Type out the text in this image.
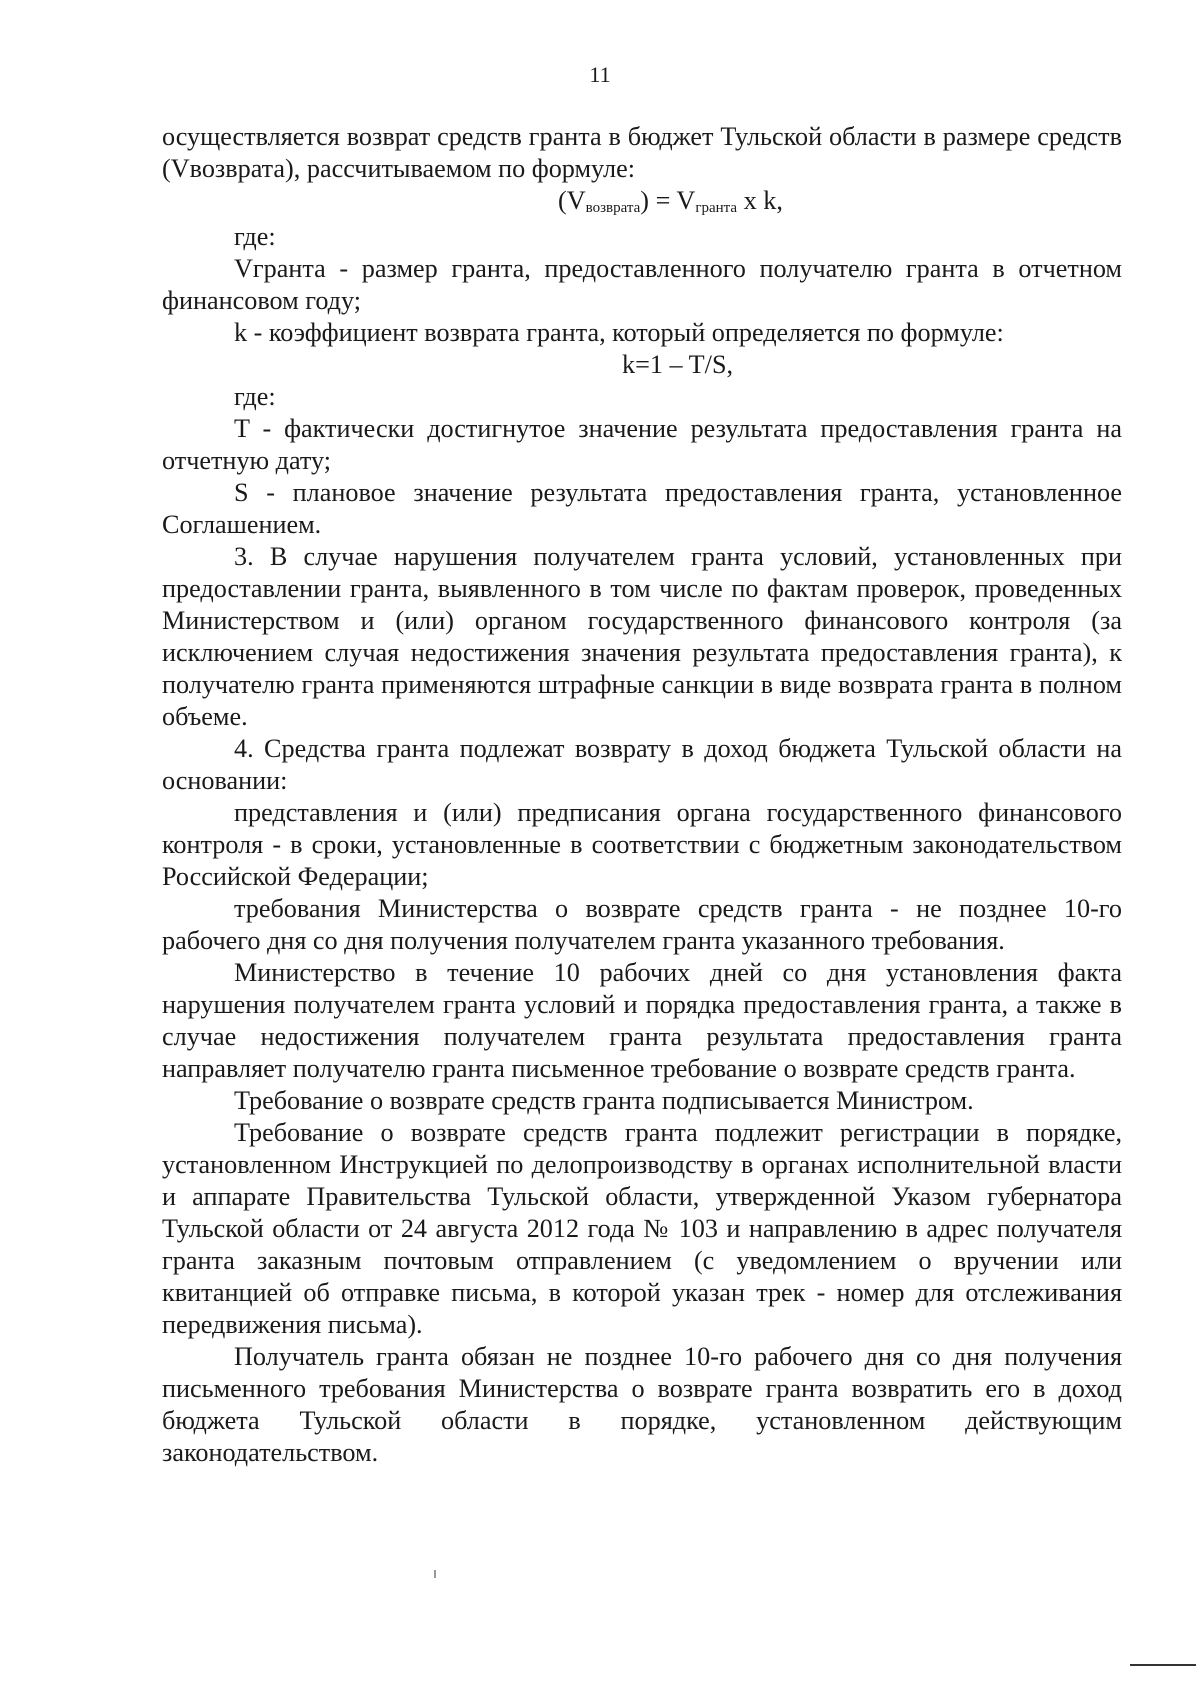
11

осуществляется возврат средств гранта в бюджет Тульской области в размере средств (Vвозврата), рассчитываемом по формуле:

(Vвозврата) = Vгранта x k,

где:

Vгранта - размер гранта, предоставленного получателю гранта в отчетном финансовом году;

k - коэффициент возврата гранта, который определяется по формуле:

k=1 – T/S,

где:

T - фактически достигнутое значение результата предоставления гранта на отчетную дату;

S - плановое значение результата предоставления гранта, установленное Соглашением.

3. В случае нарушения получателем гранта условий, установленных при предоставлении гранта, выявленного в том числе по фактам проверок, проведенных Министерством и (или) органом государственного финансового контроля (за исключением случая недостижения значения результата предоставления гранта), к получателю гранта применяются штрафные санкции в виде возврата гранта в полном объеме.

4. Средства гранта подлежат возврату в доход бюджета Тульской области на основании:

представления и (или) предписания органа государственного финансового контроля - в сроки, установленные в соответствии с бюджетным законодательством Российской Федерации;

требования Министерства о возврате средств гранта - не позднее 10-го рабочего дня со дня получения получателем гранта указанного требования.

Министерство в течение 10 рабочих дней со дня установления факта нарушения получателем гранта условий и порядка предоставления гранта, а также в случае недостижения получателем гранта результата предоставления гранта направляет получателю гранта письменное требование о возврате средств гранта.

Требование о возврате средств гранта подписывается Министром.

Требование о возврате средств гранта подлежит регистрации в порядке, установленном Инструкцией по делопроизводству в органах исполнительной власти и аппарате Правительства Тульской области, утвержденной Указом губернатора Тульской области от 24 августа 2012 года № 103 и направлению в адрес получателя гранта заказным почтовым отправлением (с уведомлением о вручении или квитанцией об отправке письма, в которой указан трек - номер для отслеживания передвижения письма).

Получатель гранта обязан не позднее 10-го рабочего дня со дня получения письменного требования Министерства о возврате гранта возвратить его в доход бюджета Тульской области в порядке, установленном действующим законодательством.
